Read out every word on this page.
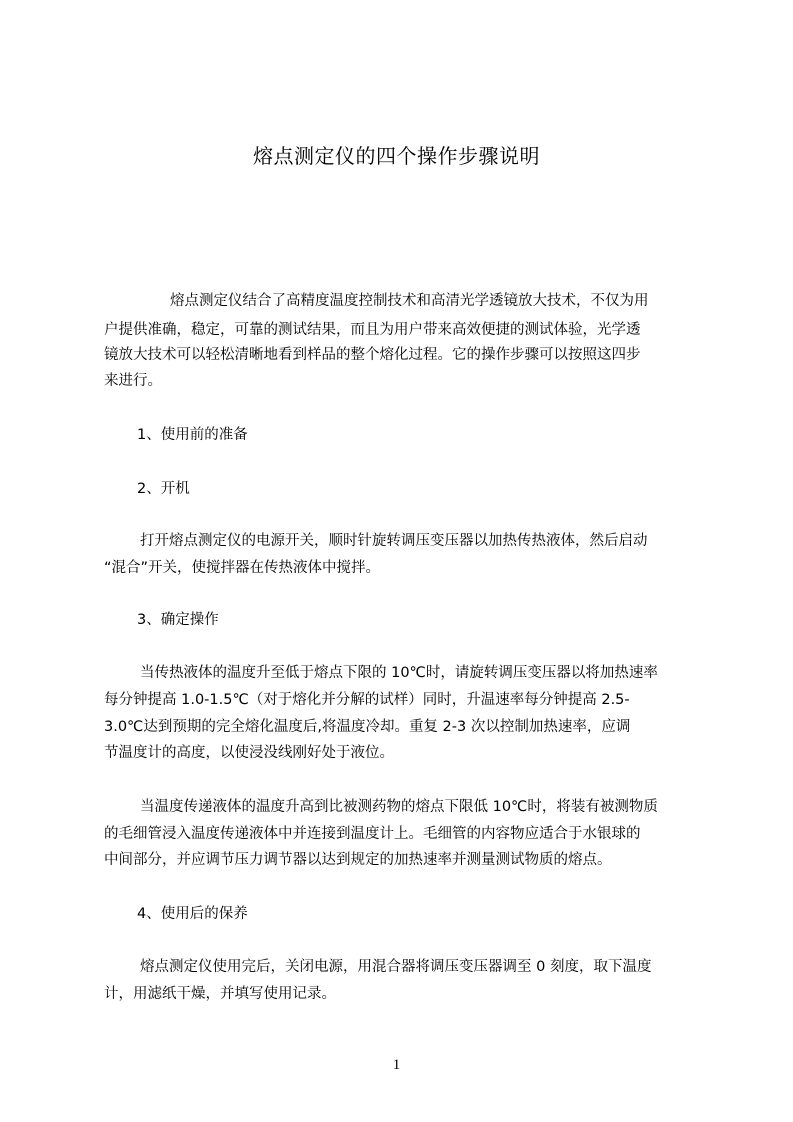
熔点测定仪的四个操作步骤说明
熔点测定仪结合了高精度温度控制技术和高清光学透镜放大技术，不仅为用
户提供准确，稳定，可靠的测试结果，而且为用户带来高效便捷的测试体验，光学透
镜放大技术可以轻松清晰地看到样品的整个熔化过程。它的操作步骤可以按照这四步
来进行。
1、使用前的准备
2、开机
打开熔点测定仪的电源开关，顺时针旋转调压变压器以加热传热液体，然后启动
“混合”开关，使搅拌器在传热液体中搅拌。
3、确定操作
当传热液体的温度升至低于熔点下限的 10℃时，请旋转调压变压器以将加热速率
每分钟提高 1.0-1.5℃（对于熔化并分解的试样）同时，升温速率每分钟提高 2.5-
3.0℃达到预期的完全熔化温度后,将温度冷却。重复 2-3 次以控制加热速率，应调
节温度计的高度，以使浸没线刚好处于液位。
当温度传递液体的温度升高到比被测药物的熔点下限低 10℃时，将装有被测物质
的毛细管浸入温度传递液体中并连接到温度计上。毛细管的内容物应适合于水银球的
中间部分，并应调节压力调节器以达到规定的加热速率并测量测试物质的熔点。
4、使用后的保养
熔点测定仪使用完后，关闭电源，用混合器将调压变压器调至 0 刻度，取下温度
计，用滤纸干燥，并填写使用记录。
1
